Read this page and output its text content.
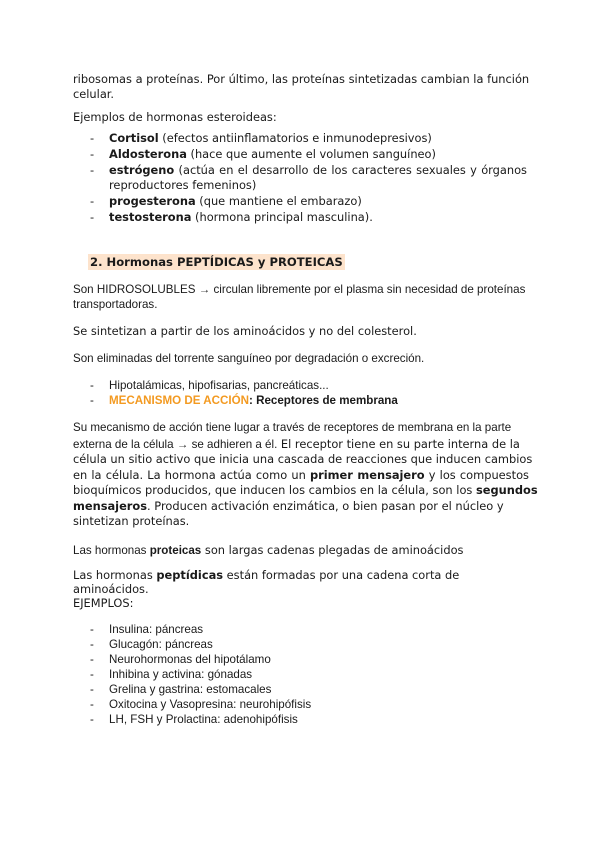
ribosomas a proteínas. Por último, las proteínas sintetizadas cambian la función
celular.
Ejemplos de hormonas esteroideas:
- Cortisol (efectos antiinflamatorios e inmunodepresivos)
- Aldosterona (hace que aumente el volumen sanguíneo)
- estrógeno (actúa en el desarrollo de los caracteres sexuales y órganos
reproductores femeninos)
- progesterona (que mantiene el embarazo)
- testosterona (hormona principal masculina).
2. Hormonas PEPTÍDICAS y PROTEICAS
Son HIDROSOLUBLES → circulan libremente por el plasma sin necesidad de proteínas
transportadoras.
Se sintetizan a partir de los aminoácidos y no del colesterol.
Son eliminadas del torrente sanguíneo por degradación o excreción.
- Hipotalámicas, hipofisarias, pancreáticas...
- MECANISMO DE ACCIÓN: Receptores de membrana
Su mecanismo de acción tiene lugar a través de receptores de membrana en la parte
externa de la célula → se adhieren a él. El receptor tiene en su parte interna de la
célula un sitio activo que inicia una cascada de reacciones que inducen cambios
en la célula. La hormona actúa como un primer mensajero y los compuestos
bioquímicos producidos, que inducen los cambios en la célula, son los segundos
mensajeros. Producen activación enzimática, o bien pasan por el núcleo y
sintetizan proteínas.
Las hormonas proteicas son largas cadenas plegadas de aminoácidos
Las hormonas peptídicas están formadas por una cadena corta de aminoácidos.
EJEMPLOS:
- Insulina: páncreas
- Glucagón: páncreas
- Neurohormonas del hipotálamo
- Inhibina y activina: gónadas
- Grelina y gastrina: estomacales
- Oxitocina y Vasopresina: neurohipófisis
- LH, FSH y Prolactina: adenohipófisis
